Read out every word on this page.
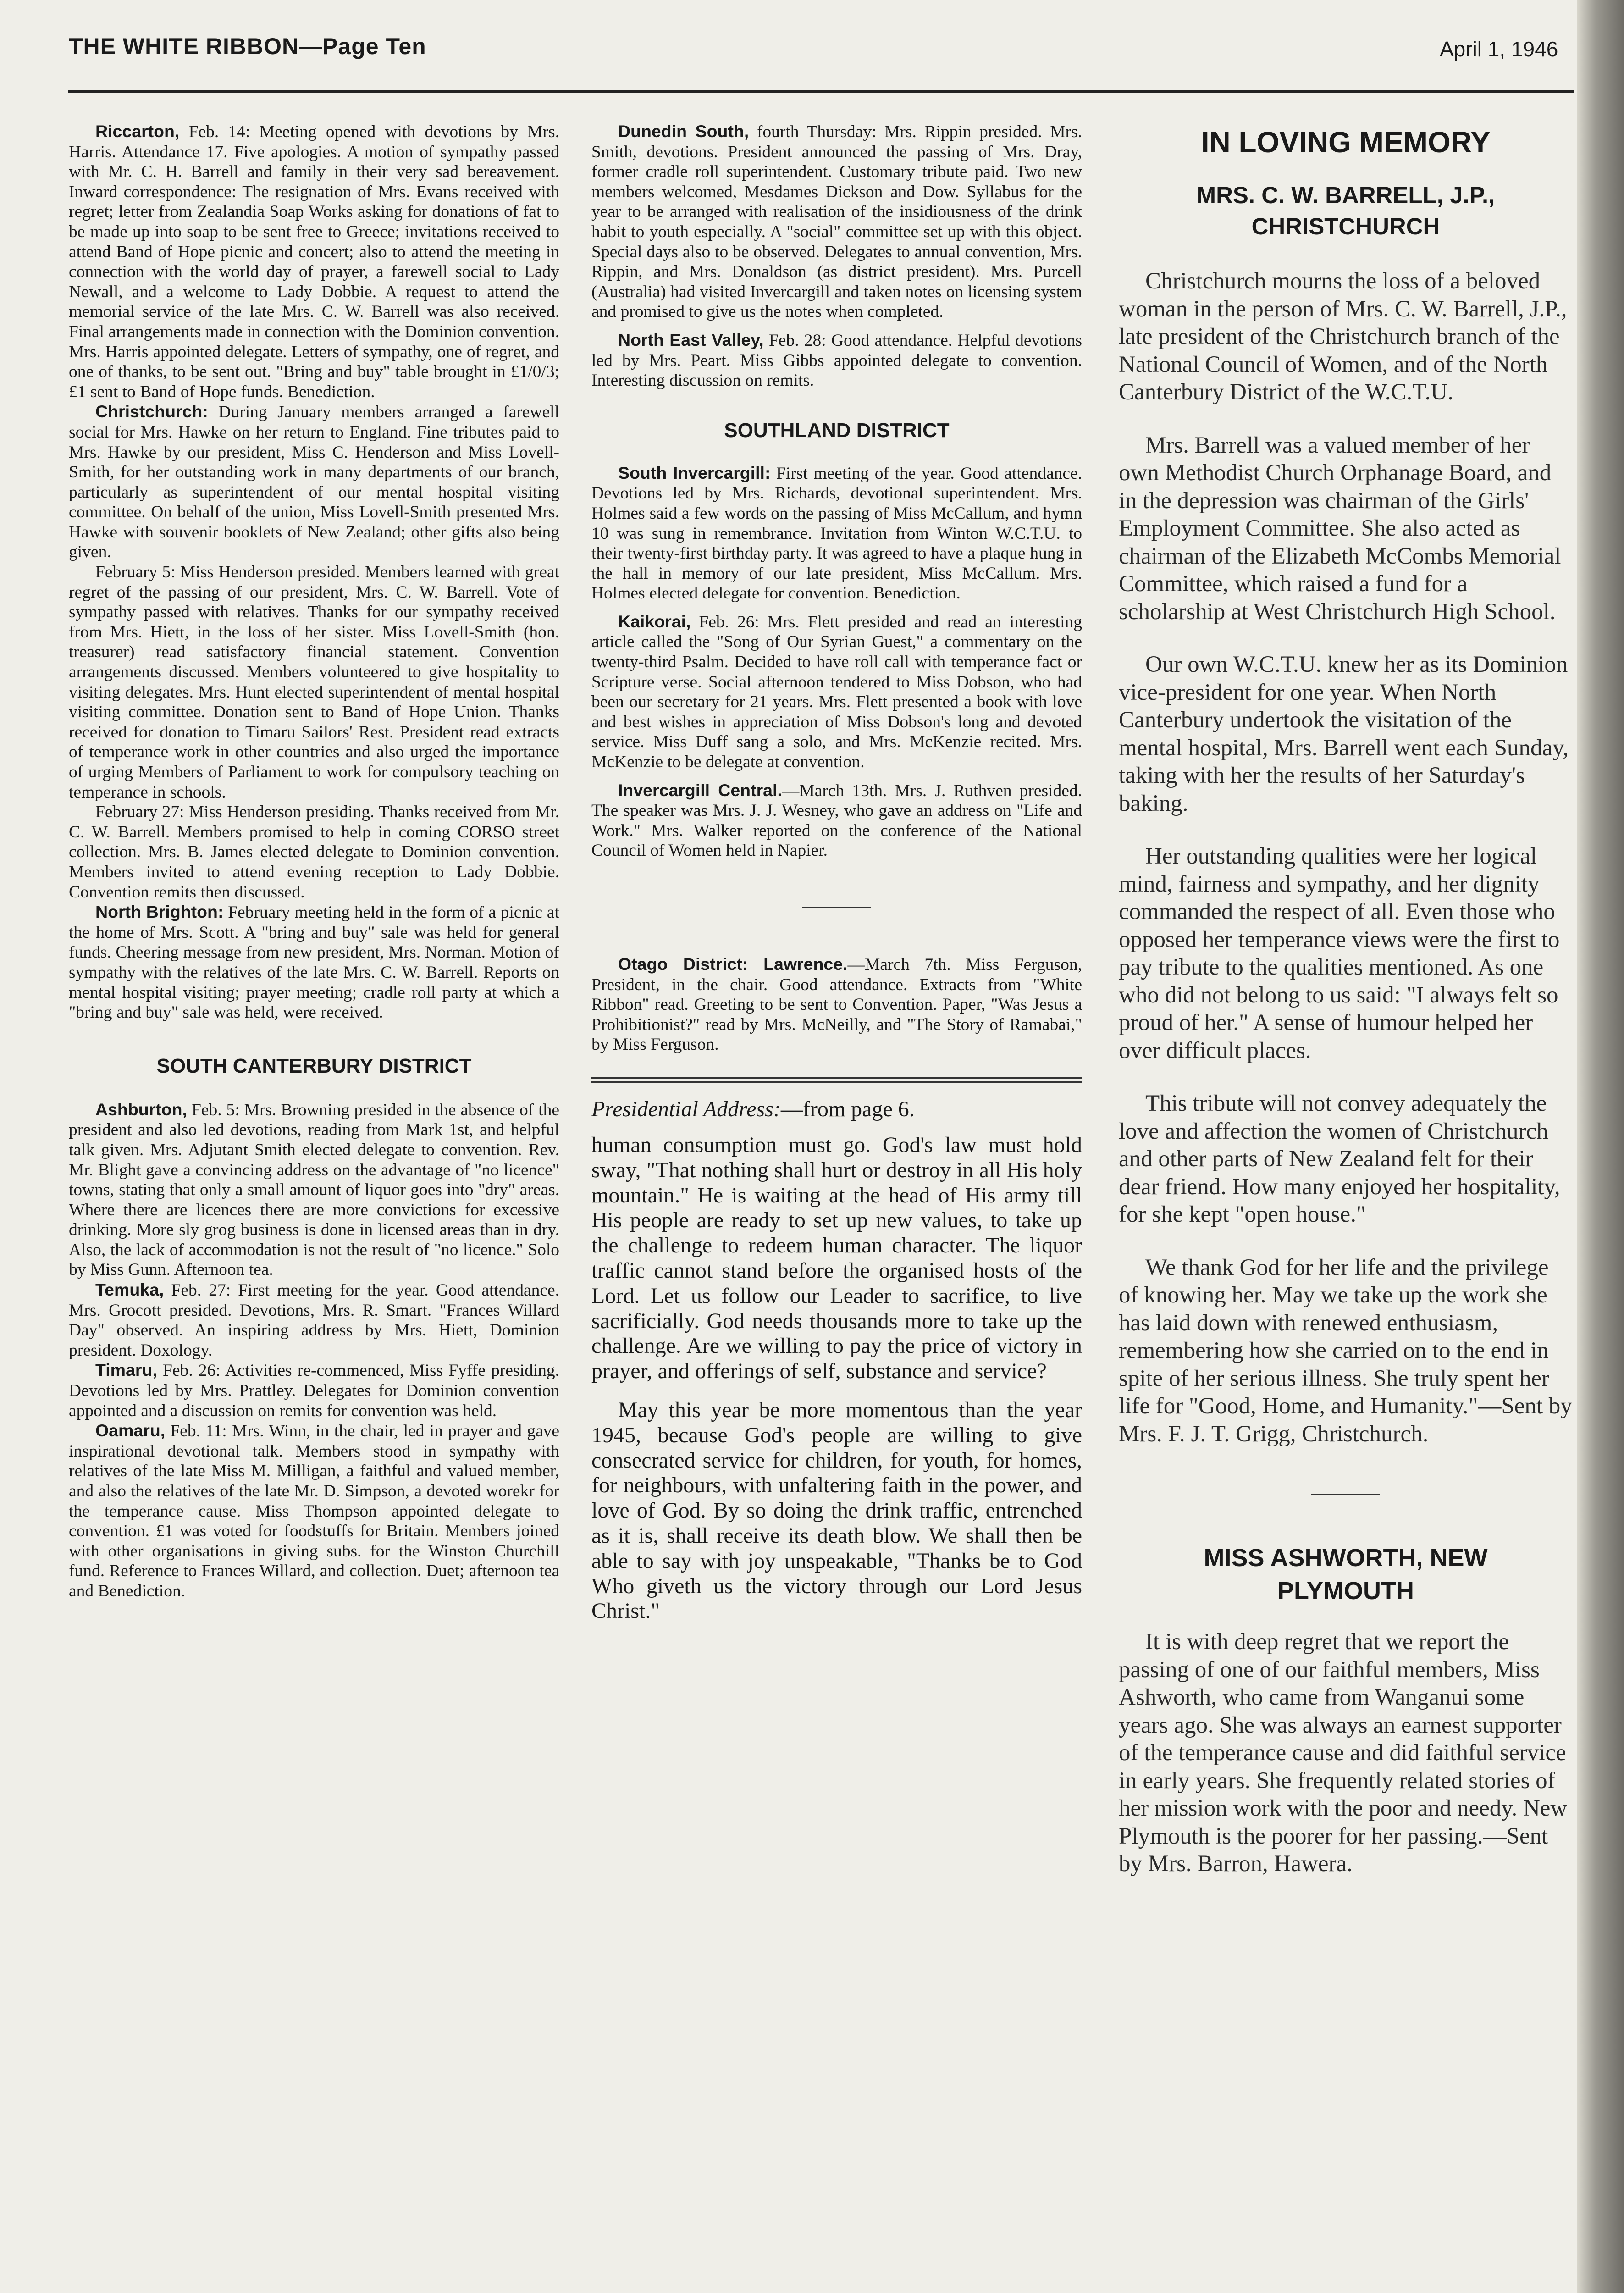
THE WHITE RIBBON—Page Ten	April 1, 1946

Riccarton, Feb. 14: Meeting opened with devotions by Mrs. Harris. Attendance 17. Five apologies. A motion of sympathy passed with Mr. C. H. Barrell and family in their very sad bereavement. Inward correspondence: The resignation of Mrs. Evans received with regret; letter from Zealandia Soap Works asking for donations of fat to be made up into soap to be sent free to Greece; invitations received to attend Band of Hope picnic and concert; also to attend the meeting in connection with the world day of prayer, a farewell social to Lady Newall, and a welcome to Lady Dobbie. A request to attend the memorial service of the late Mrs. C. W. Barrell was also received. Final arrangements made in connection with the Dominion convention. Mrs. Harris appointed delegate. Letters of sympathy, one of regret, and one of thanks, to be sent out. "Bring and buy" table brought in £1/0/3; £1 sent to Band of Hope funds. Benediction.

Christchurch: During January members arranged a farewell social for Mrs. Hawke on her return to England. Fine tributes paid to Mrs. Hawke by our president, Miss C. Henderson and Miss Lovell-Smith, for her outstanding work in many departments of our branch, particularly as superintendent of our mental hospital visiting committee. On behalf of the union, Miss Lovell-Smith presented Mrs. Hawke with souvenir booklets of New Zealand; other gifts also being given.

February 5: Miss Henderson presided. Members learned with great regret of the passing of our president, Mrs. C. W. Barrell. Vote of sympathy passed with relatives. Thanks for our sympathy received from Mrs. Hiett, in the loss of her sister. Miss Lovell-Smith (hon. treasurer) read satisfactory financial statement. Convention arrangements discussed. Members volunteered to give hospitality to visiting delegates. Mrs. Hunt elected superintendent of mental hospital visiting committee. Donation sent to Band of Hope Union. Thanks received for donation to Timaru Sailors' Rest. President read extracts of temperance work in other countries and also urged the importance of urging Members of Parliament to work for compulsory teaching on temperance in schools.

February 27: Miss Henderson presiding. Thanks received from Mr. C. W. Barrell. Members promised to help in coming CORSO street collection. Mrs. B. James elected delegate to Dominion convention. Members invited to attend evening reception to Lady Dobbie. Convention remits then discussed.

North Brighton: February meeting held in the form of a picnic at the home of Mrs. Scott. A "bring and buy" sale was held for general funds. Cheering message from new president, Mrs. Norman. Motion of sympathy with the relatives of the late Mrs. C. W. Barrell. Reports on mental hospital visiting; prayer meeting; cradle roll party at which a "bring and buy" sale was held, were received.

SOUTH CANTERBURY DISTRICT

Ashburton, Feb. 5: Mrs. Browning presided in the absence of the president and also led devotions, reading from Mark 1st, and helpful talk given. Mrs. Adjutant Smith elected delegate to convention. Rev. Mr. Blight gave a convincing address on the advantage of "no licence" towns, stating that only a small amount of liquor goes into "dry" areas. Where there are licences there are more convictions for excessive drinking. More sly grog business is done in licensed areas than in dry. Also, the lack of accommodation is not the result of "no licence." Solo by Miss Gunn. Afternoon tea.

Temuka, Feb. 27: First meeting for the year. Good attendance. Mrs. Grocott presided. Devotions, Mrs. R. Smart. "Frances Willard Day" observed. An inspiring address by Mrs. Hiett, Dominion president. Doxology.

Timaru, Feb. 26: Activities re-commenced, Miss Fyffe presiding. Devotions led by Mrs. Prattley. Delegates for Dominion convention appointed and a discussion on remits for convention was held.

Oamaru, Feb. 11: Mrs. Winn, in the chair, led in prayer and gave inspirational devotional talk. Members stood in sympathy with relatives of the late Miss M. Milligan, a faithful and valued member, and also the relatives of the late Mr. D. Simpson, a devoted worekr for the temperance cause. Miss Thompson appointed delegate to convention. £1 was voted for foodstuffs for Britain. Members joined with other organisations in giving subs. for the Winston Churchill fund. Reference to Frances Willard, and collection. Duet; afternoon tea and Benediction.

Dunedin South, fourth Thursday: Mrs. Rippin presided. Mrs. Smith, devotions. President announced the passing of Mrs. Dray, former cradle roll superintendent. Customary tribute paid. Two new members welcomed, Mesdames Dickson and Dow. Syllabus for the year to be arranged with realisation of the insidiousness of the drink habit to youth especially. A "social" committee set up with this object. Special days also to be observed. Delegates to annual convention, Mrs. Rippin, and Mrs. Donaldson (as district president). Mrs. Purcell (Australia) had visited Invercargill and taken notes on licensing system and promised to give us the notes when completed.

North East Valley, Feb. 28: Good attendance. Helpful devotions led by Mrs. Peart. Miss Gibbs appointed delegate to convention. Interesting discussion on remits.

SOUTHLAND DISTRICT

South Invercargill: First meeting of the year. Good attendance. Devotions led by Mrs. Richards, devotional superintendent. Mrs. Holmes said a few words on the passing of Miss McCallum, and hymn 10 was sung in remembrance. Invitation from Winton W.C.T.U. to their twenty-first birthday party. It was agreed to have a plaque hung in the hall in memory of our late president, Miss McCallum. Mrs. Holmes elected delegate for convention. Benediction.

Kaikorai, Feb. 26: Mrs. Flett presided and read an interesting article called the "Song of Our Syrian Guest," a commentary on the twenty-third Psalm. Decided to have roll call with temperance fact or Scripture verse. Social afternoon tendered to Miss Dobson, who had been our secretary for 21 years. Mrs. Flett presented a book with love and best wishes in appreciation of Miss Dobson's long and devoted service. Miss Duff sang a solo, and Mrs. McKenzie recited. Mrs. McKenzie to be delegate at convention.

Invercargill Central.—March 13th. Mrs. J. Ruthven presided. The speaker was Mrs. J. J. Wesney, who gave an address on "Life and Work." Mrs. Walker reported on the conference of the National Council of Women held in Napier.

Otago District: Lawrence.—March 7th. Miss Ferguson, President, in the chair. Good attendance. Extracts from "White Ribbon" read. Greeting to be sent to Convention. Paper, "Was Jesus a Prohibitionist?" read by Mrs. McNeilly, and "The Story of Ramabai," by Miss Ferguson.

Presidential Address:—from page 6.

human consumption must go. God's law must hold sway, "That nothing shall hurt or destroy in all His holy mountain." He is waiting at the head of His army till His people are ready to set up new values, to take up the challenge to redeem human character. The liquor traffic cannot stand before the organised hosts of the Lord. Let us follow our Leader to sacrifice, to live sacrificially. God needs thousands more to take up the challenge. Are we willing to pay the price of victory in prayer, and offerings of self, substance and service?

May this year be more momentous than the year 1945, because God's people are willing to give consecrated service for children, for youth, for homes, for neighbours, with unfaltering faith in the power, and love of God. By so doing the drink traffic, entrenched as it is, shall receive its death blow. We shall then be able to say with joy unspeakable, "Thanks be to God Who giveth us the victory through our Lord Jesus Christ."

IN LOVING MEMORY
MRS. C. W. BARRELL, J.P., CHRISTCHURCH

Christchurch mourns the loss of a beloved woman in the person of Mrs. C. W. Barrell, J.P., late president of the Christchurch branch of the National Council of Women, and of the North Canterbury District of the W.C.T.U.

Mrs. Barrell was a valued member of her own Methodist Church Orphanage Board, and in the depression was chairman of the Girls' Employment Committee. She also acted as chairman of the Elizabeth McCombs Memorial Committee, which raised a fund for a scholarship at West Christchurch High School.

Our own W.C.T.U. knew her as its Dominion vice-president for one year. When North Canterbury undertook the visitation of the mental hospital, Mrs. Barrell went each Sunday, taking with her the results of her Saturday's baking.

Her outstanding qualities were her logical mind, fairness and sympathy, and her dignity commanded the respect of all. Even those who opposed her temperance views were the first to pay tribute to the qualities mentioned. As one who did not belong to us said: "I always felt so proud of her." A sense of humour helped her over difficult places.

This tribute will not convey adequately the love and affection the women of Christchurch and other parts of New Zealand felt for their dear friend. How many enjoyed her hospitality, for she kept "open house."

We thank God for her life and the privilege of knowing her. May we take up the work she has laid down with renewed enthusiasm, remembering how she carried on to the end in spite of her serious illness. She truly spent her life for "Good, Home, and Humanity."—Sent by Mrs. F. J. T. Grigg, Christchurch.

MISS ASHWORTH, NEW PLYMOUTH

It is with deep regret that we report the passing of one of our faithful members, Miss Ashworth, who came from Wanganui some years ago. She was always an earnest supporter of the temperance cause and did faithful service in early years. She frequently related stories of her mission work with the poor and needy. New Plymouth is the poorer for her passing.—Sent by Mrs. Barron, Hawera.
